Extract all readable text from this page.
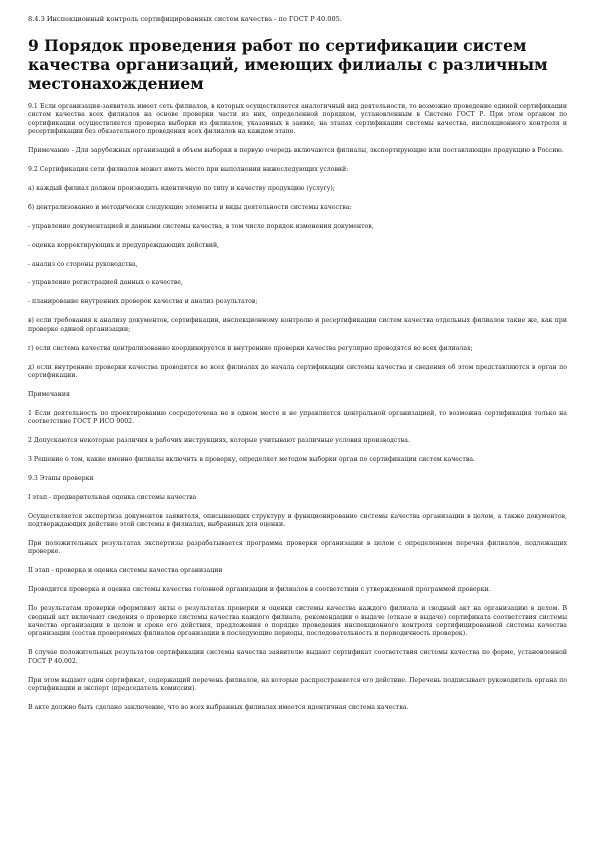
8.4.3 Инспекционный контроль сертифицированных систем качества - по ГОСТ Р 40.005.

9 Порядок проведения работ по сертификации систем качества организаций, имеющих филиалы с различным местонахождением

9.1 Если организация-заявитель имеет сеть филиалов, в которых осуществляется аналогичный вид деятельности, то возможно проведение единой сертификации систем качества всех филиалов на основе проверки части из них, определенной порядком, установленным в Системе ГОСТ Р. При этом органом по сертификации осуществляется проверка выборки из филиалов, указанных в заявке, на этапах сертификации системы качества, инспекционного контроля и ресертификации без обязательного проведения всех филиалов на каждом этапе.

Примечание - Для зарубежных организаций в объем выборки в первую очередь включаются филиалы, экспортирующие или поставляющие продукцию в Россию.

9.2 Сертификация сети филиалов может иметь место при выполнении нижеследующих условий:

а) каждый филиал должен производить идентичную по типу и качеству продукцию (услугу);

б) централизованно и методически следующие элементы и виды деятельности системы качества:

- управление документацией и данными системы качества, в том числе порядок изменения документов,

- оценка корректирующих и предупреждающих действий,

- анализ со стороны руководства,

- управление регистрацией данных о качестве,

- планирование внутренних проверок качества и анализ результатов;

в) если требования к анализу документов, сертификации, инспекционному контролю и ресертификации систем качества отдельных филиалов такие же, как при проверке единой организации;

г) если система качества централизованно координируется и внутренние проверки качества регулярно проводятся во всех филиалах;

д) если внутренние проверки качества проводятся во всех филиалах до начала сертификации системы качества и сведения об этом представляются в орган по сертификации.

Примечания

1 Если деятельность по проектированию сосредоточена не в одном месте и не управляется центральной организацией, то возможна сертификация только на соответствие ГОСТ Р ИСО 9002.

2 Допускаются некоторые различия в рабочих инструкциях, которые учитывают различные условия производства.

3 Решение о том, какие именно филиалы включить в проверку, определяет методом выборки орган по сертификации систем качества.

9.3 Этапы проверки

I этап - предварительная оценка системы качества

Осуществляется экспертиза документов заявителя, описывающих структуру и функционирование системы качества организации в целом, а также документов, подтверждающих действие этой системы в филиалах, выбранных для оценки.

При положительных результатах экспертизы разрабатывается программа проверки организации в целом с определением перечня филиалов, подлежащих проверке.

II этап - проверка и оценка системы качества организации

Проводится проверка и оценка системы качества головной организации и филиалов в соответствии с утвержденной программой проверки.

По результатам проверки оформляют акты о результатах проверки и оценки системы качества каждого филиала и сводный акт на организацию в целом. В сводный акт включают сведения о проверке системы качества каждого филиала, рекомендации о выдаче (отказе в выдаче) сертификата соответствия системы качества организации в целом и сроке его действия, предложения о порядке проведения инспекционного контроля сертифицированной системы качества организации (состав проверяемых филиалов организации в последующие периоды, последовательность и периодичность проверок).

В случае положительных результатов сертификации системы качества заявителю выдают сертификат соответствия системы качества по форме, установленной ГОСТ Р 40.002.

При этом выдают один сертификат, содержащий перечень филиалов, на которые распространяется его действие. Перечень подписывает руководитель органа по сертификации и эксперт (председатель комиссии).

В акте должно быть сделано заключение, что во всех выбранных филиалах имеется идентичная система качества.
